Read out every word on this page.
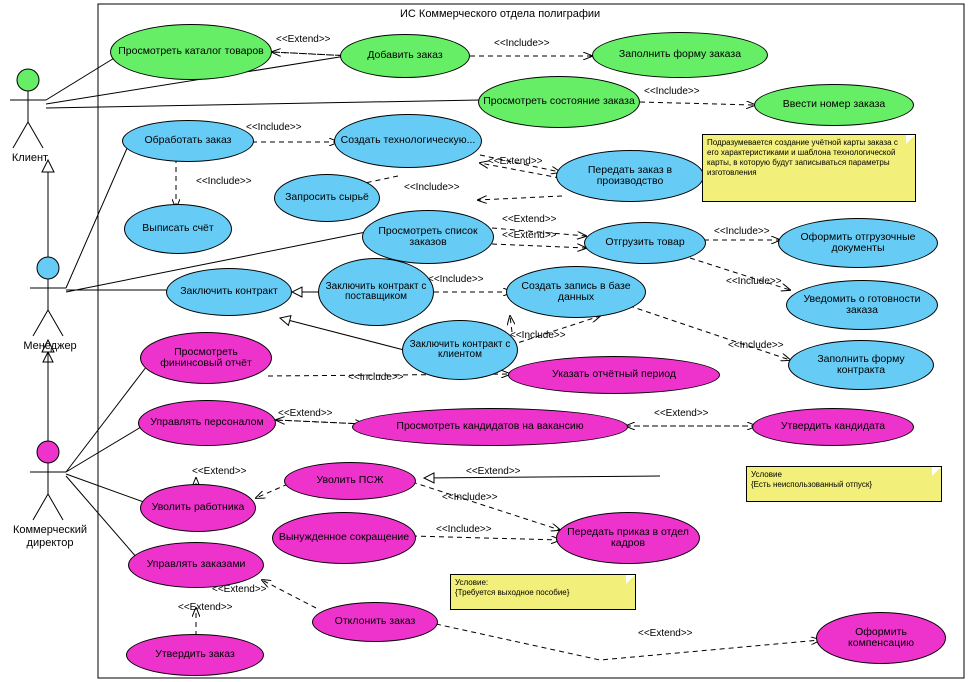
ИС Коммерческого отдела полиграфии
Клиент
Менеджер
Коммерческий
директор
Просмотреть каталог товаров	Добавить заказ	Заполнить форму заказа
Просмотреть состояние заказа	Ввести номер заказа
Обработать заказ	Создать технологическую...
Передать заказ в производство
Запросить сырьё
Выписать счёт	Просмотреть список заказов	Отгрузить товар	Оформить отгрузочные документы
Уведомить о готовности заказа
Заключить контракт	Заключить контракт с поставщиком
Создать запись в базе данных
Заключить контракт с клиентом	Заполнить форму контракта
Просмотреть фининсовый отчёт
Указать отчётный период
Управлять персоналом	Просмотреть кандидатов на вакансию	Утвердить кандидата
Уволить ПСЖ
Уволить работника
Вынужденное сокращение	Передать приказ в отдел кадров
Управлять заказами
Отклонить заказ
Утвердить заказ
Оформить компенсацию
Подразумевается создание учётной карты заказа с его характеристиками и шаблона технологической карты, в которую будут записываться параметры изготовления
Условие
{Есть неиспользованный отпуск}
Условие:
{Требуется выходное пособие}
<<Extend>>	<<Include>>
<<Include>>
<<Include>>
<<Extend>>
<<Include>>
<<Include>>
<<Extend>>
<<Extend>>	<<Include>>
<<Include>>
<<Include>>
<<Include>>
<<Include>>
<<Include>>
<<Extend>>	<<Extend>>
<<Extend>>
<<Extend>>
<<Include>>
<<Include>>
<<Extend>>
<<Extend>>
<<Extend>>
